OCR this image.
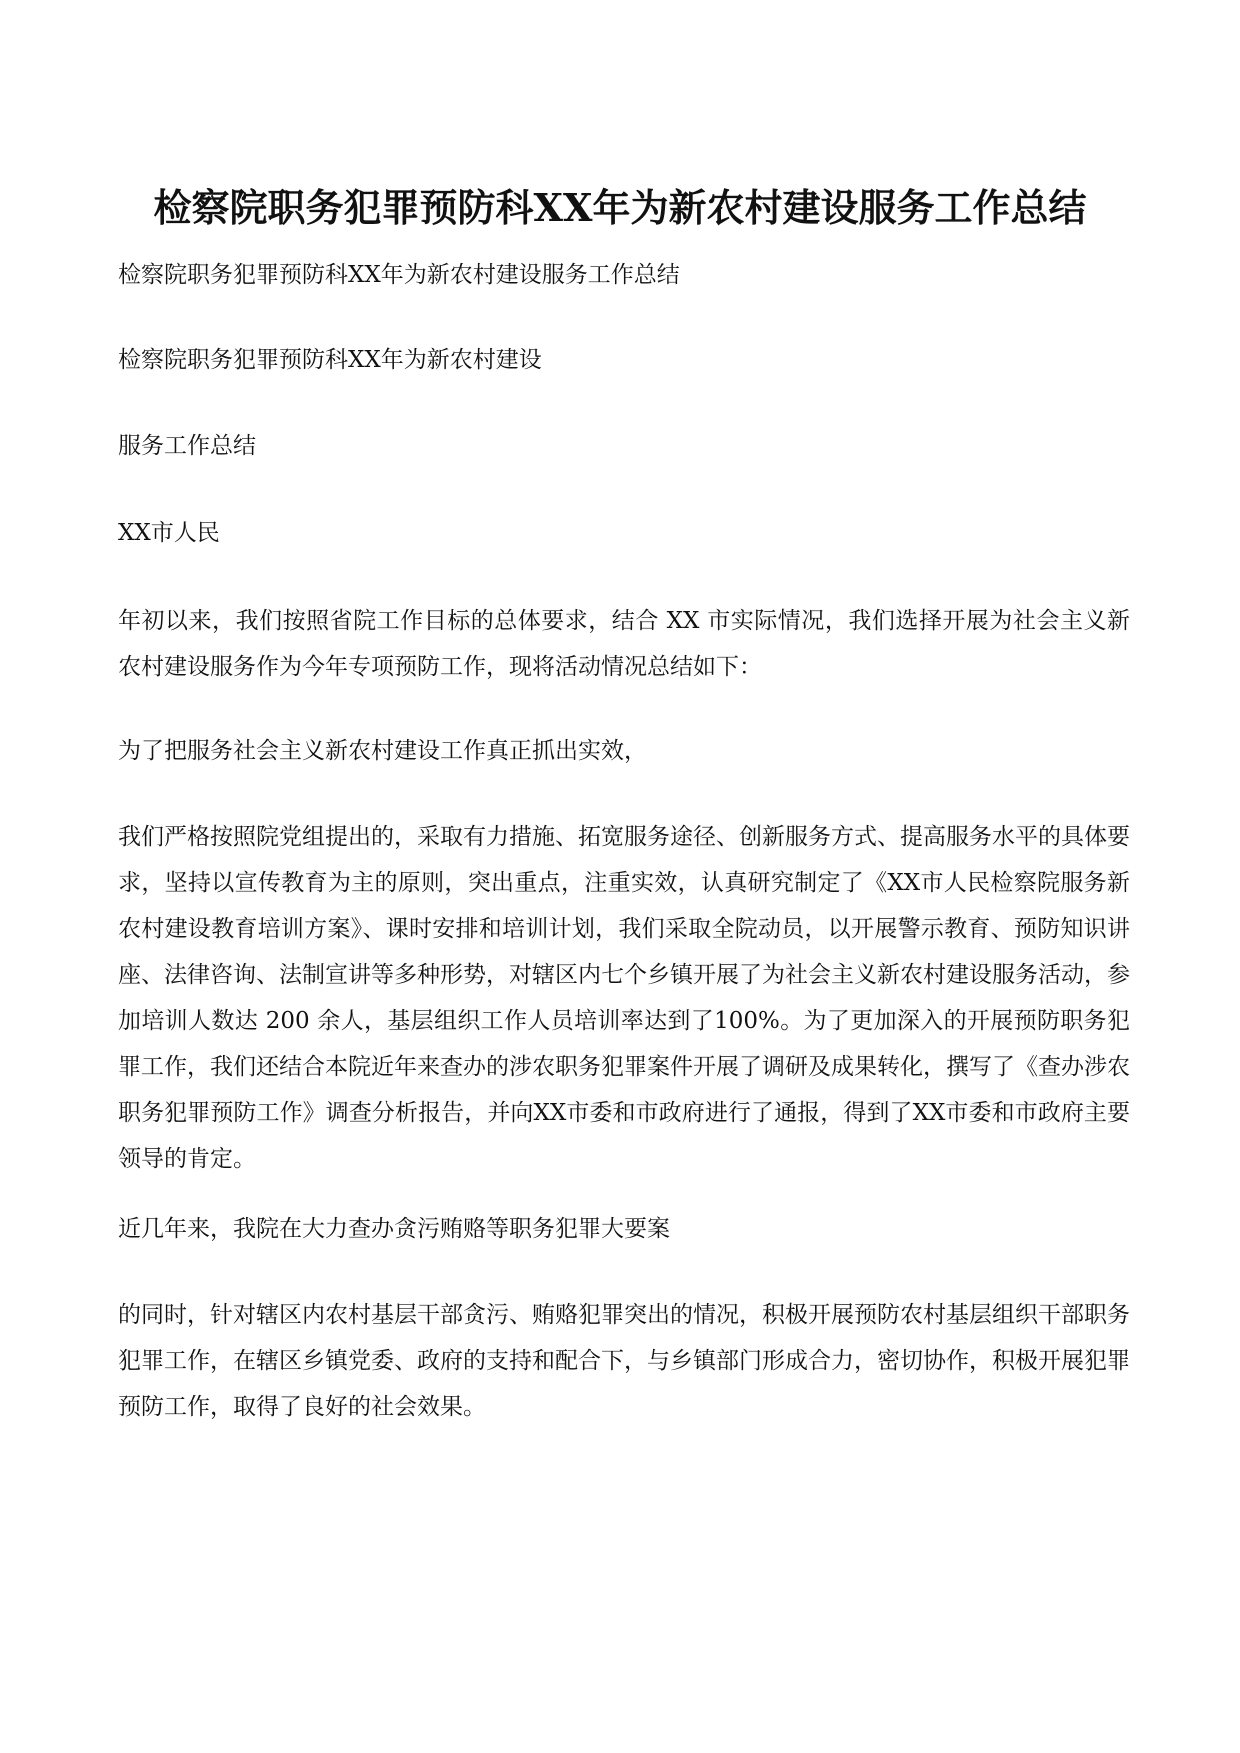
检察院职务犯罪预防科XX年为新农村建设服务工作总结

检察院职务犯罪预防科XX年为新农村建设服务工作总结

检察院职务犯罪预防科XX年为新农村建设

服务工作总结

XX市人民

年初以来，我们按照省院工作目标的总体要求，结合 XX 市实际情况，我们选择开展为社会主义新农村建设服务作为今年专项预防工作，现将活动情况总结如下：

为了把服务社会主义新农村建设工作真正抓出实效，

我们严格按照院党组提出的，采取有力措施、拓宽服务途径、创新服务方式、提高服务水平的具体要求，坚持以宣传教育为主的原则，突出重点，注重实效，认真研究制定了《XX市人民检察院服务新农村建设教育培训方案》、课时安排和培训计划，我们采取全院动员，以开展警示教育、预防知识讲座、法律咨询、法制宣讲等多种形势，对辖区内七个乡镇开展了为社会主义新农村建设服务活动，参加培训人数达 200 余人，基层组织工作人员培训率达到了100%。为了更加深入的开展预防职务犯罪工作，我们还结合本院近年来查办的涉农职务犯罪案件开展了调研及成果转化，撰写了《查办涉农职务犯罪预防工作》调查分析报告，并向XX市委和市政府进行了通报，得到了XX市委和市政府主要领导的肯定。

近几年来，我院在大力查办贪污贿赂等职务犯罪大要案

的同时，针对辖区内农村基层干部贪污、贿赂犯罪突出的情况，积极开展预防农村基层组织干部职务犯罪工作，在辖区乡镇党委、政府的支持和配合下，与乡镇部门形成合力，密切协作，积极开展犯罪预防工作，取得了良好的社会效果。
